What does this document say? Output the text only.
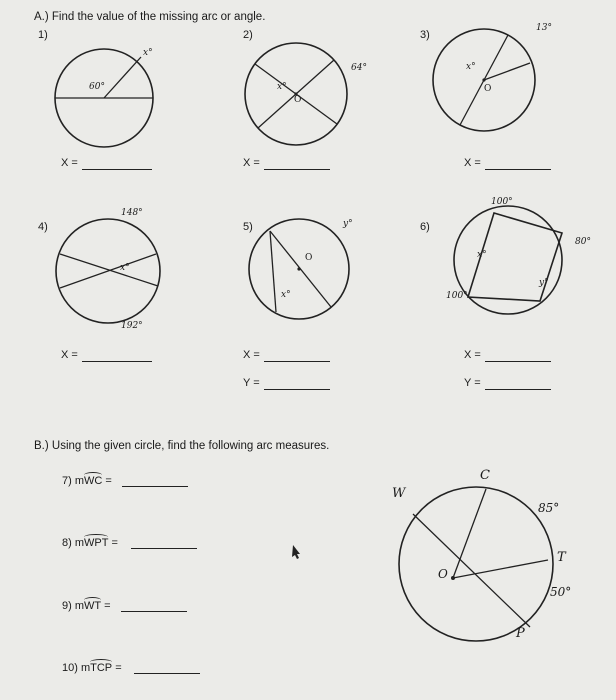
A.) Find the value of the missing arc or angle.
1)	2)	3)
4)	5)	6)
x°
60°	x°
O
64°	x°
O
13°
148°
x°
192°
y°
O
x°
100°
80°
x°
y°
100°
X =	X =	X =
X =	X =
Y =
X =
Y =
B.) Using the given circle, find the following arc measures.
7) m
WC =
8) m
WPT =
9) m
WT =
10) m
TCP =
W
C
T
P
O
85°
50°
